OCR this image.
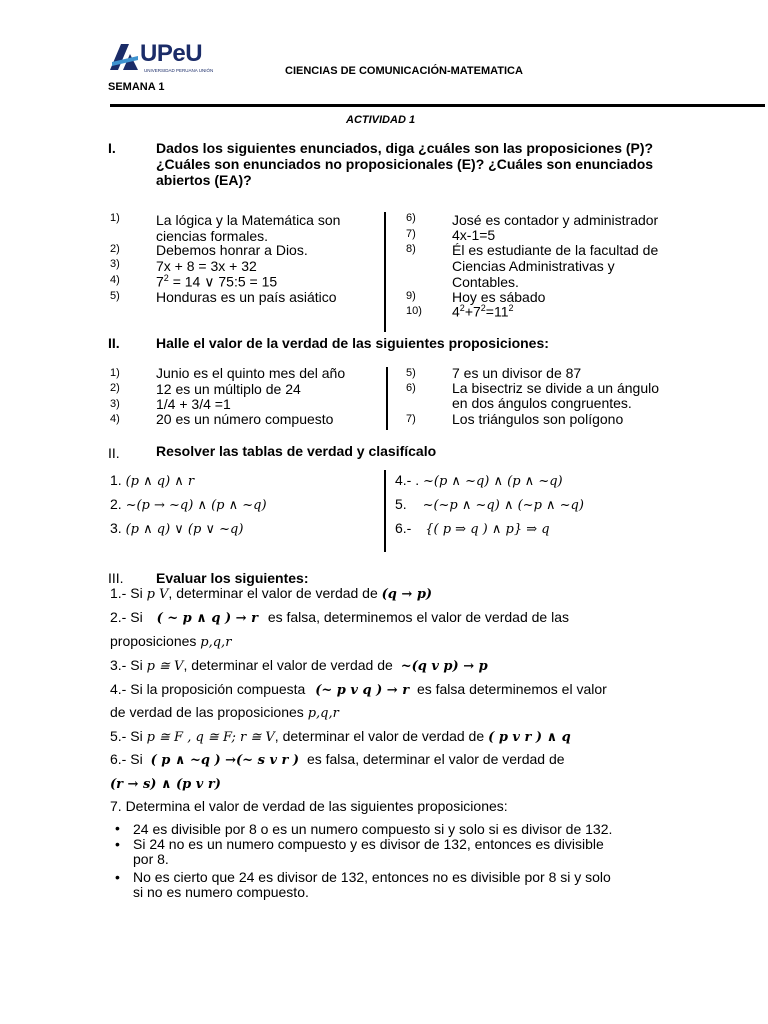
UPeU
UNIVERSIDAD PERUANA UNIÓN	CIENCIAS DE COMUNICACIÓN-MATEMATICA
SEMANA 1
ACTIVIDAD 1
I.	Dados los siguientes enunciados, diga ¿cuáles son las proposiciones (P)?
¿Cuáles son enunciados no proposicionales (E)? ¿Cuáles son enunciados
abiertos (EA)?
1)	La lógica y la Matemática son
ciencias formales.
2)	Debemos honrar a Dios.
3)	7x + 8 = 3x + 32
4)	$7^2 = 14$ ∨ 75:5 = 15
5)	Honduras es un país asiático
6)	José es contador y administrador
7)	4x-1=5
8)	Él es estudiante de la facultad de
Ciencias Administrativas y
Contables.
9)	Hoy es sábado
10) $4^2+7^2=11^2$
II.	Halle el valor de la verdad de las siguientes proposiciones:
1)	Junio es el quinto mes del año
2)	12 es un múltiplo de 24
3)	1/4 + 3/4 =1
4)	20 es un número compuesto
5)	7 es un divisor de 87
6)	La bisectriz se divide a un ángulo
en dos ángulos congruentes.
7)	Los triángulos son polígono
II.	Resolver las tablas de verdad y clasifícalo
1. (p ∧ q) ∧ r
2. ~(p → ~q) ∧ (p ∧ ~q)
3. (p ∧ q) ∨ (p ∨ ~q)
4.- . ~(p ∧ ~q) ∧ (p ∧ ~q)
5. ~(~p ∧ ~q) ∧ (~p ∧ ~q)
6.- {( p ⇒ q ) ∧ p} ⇒ q
III. Evaluar los siguientes:
1.- Si p V, determinar el valor de verdad de (q → p)
2.- Si ( ~ p ∧ q ) → r es falsa, determinemos el valor de verdad de las
proposiciones p,q,r
3.- Si p ≅ V, determinar el valor de verdad de ~(q v p) → p
4.- Si la proposición compuesta (~ p v q ) → r es falsa determinemos el valor
de verdad de las proposiciones p,q,r
5.- Si p ≅ F , q ≅ F; r ≅ V, determinar el valor de verdad de ( p v r ) ∧ q
6.- Si ( p ∧ ~q ) →(~ s v r ) es falsa, determinar el valor de verdad de
(r → s) ∧ (p v r)
7. Determina el valor de verdad de las siguientes proposiciones:
• 24 es divisible por 8 o es un numero compuesto si y solo si es divisor de 132.
• Si 24 no es un numero compuesto y es divisor de 132, entonces es divisible
por 8.
• No es cierto que 24 es divisor de 132, entonces no es divisible por 8 si y solo
si no es numero compuesto.
